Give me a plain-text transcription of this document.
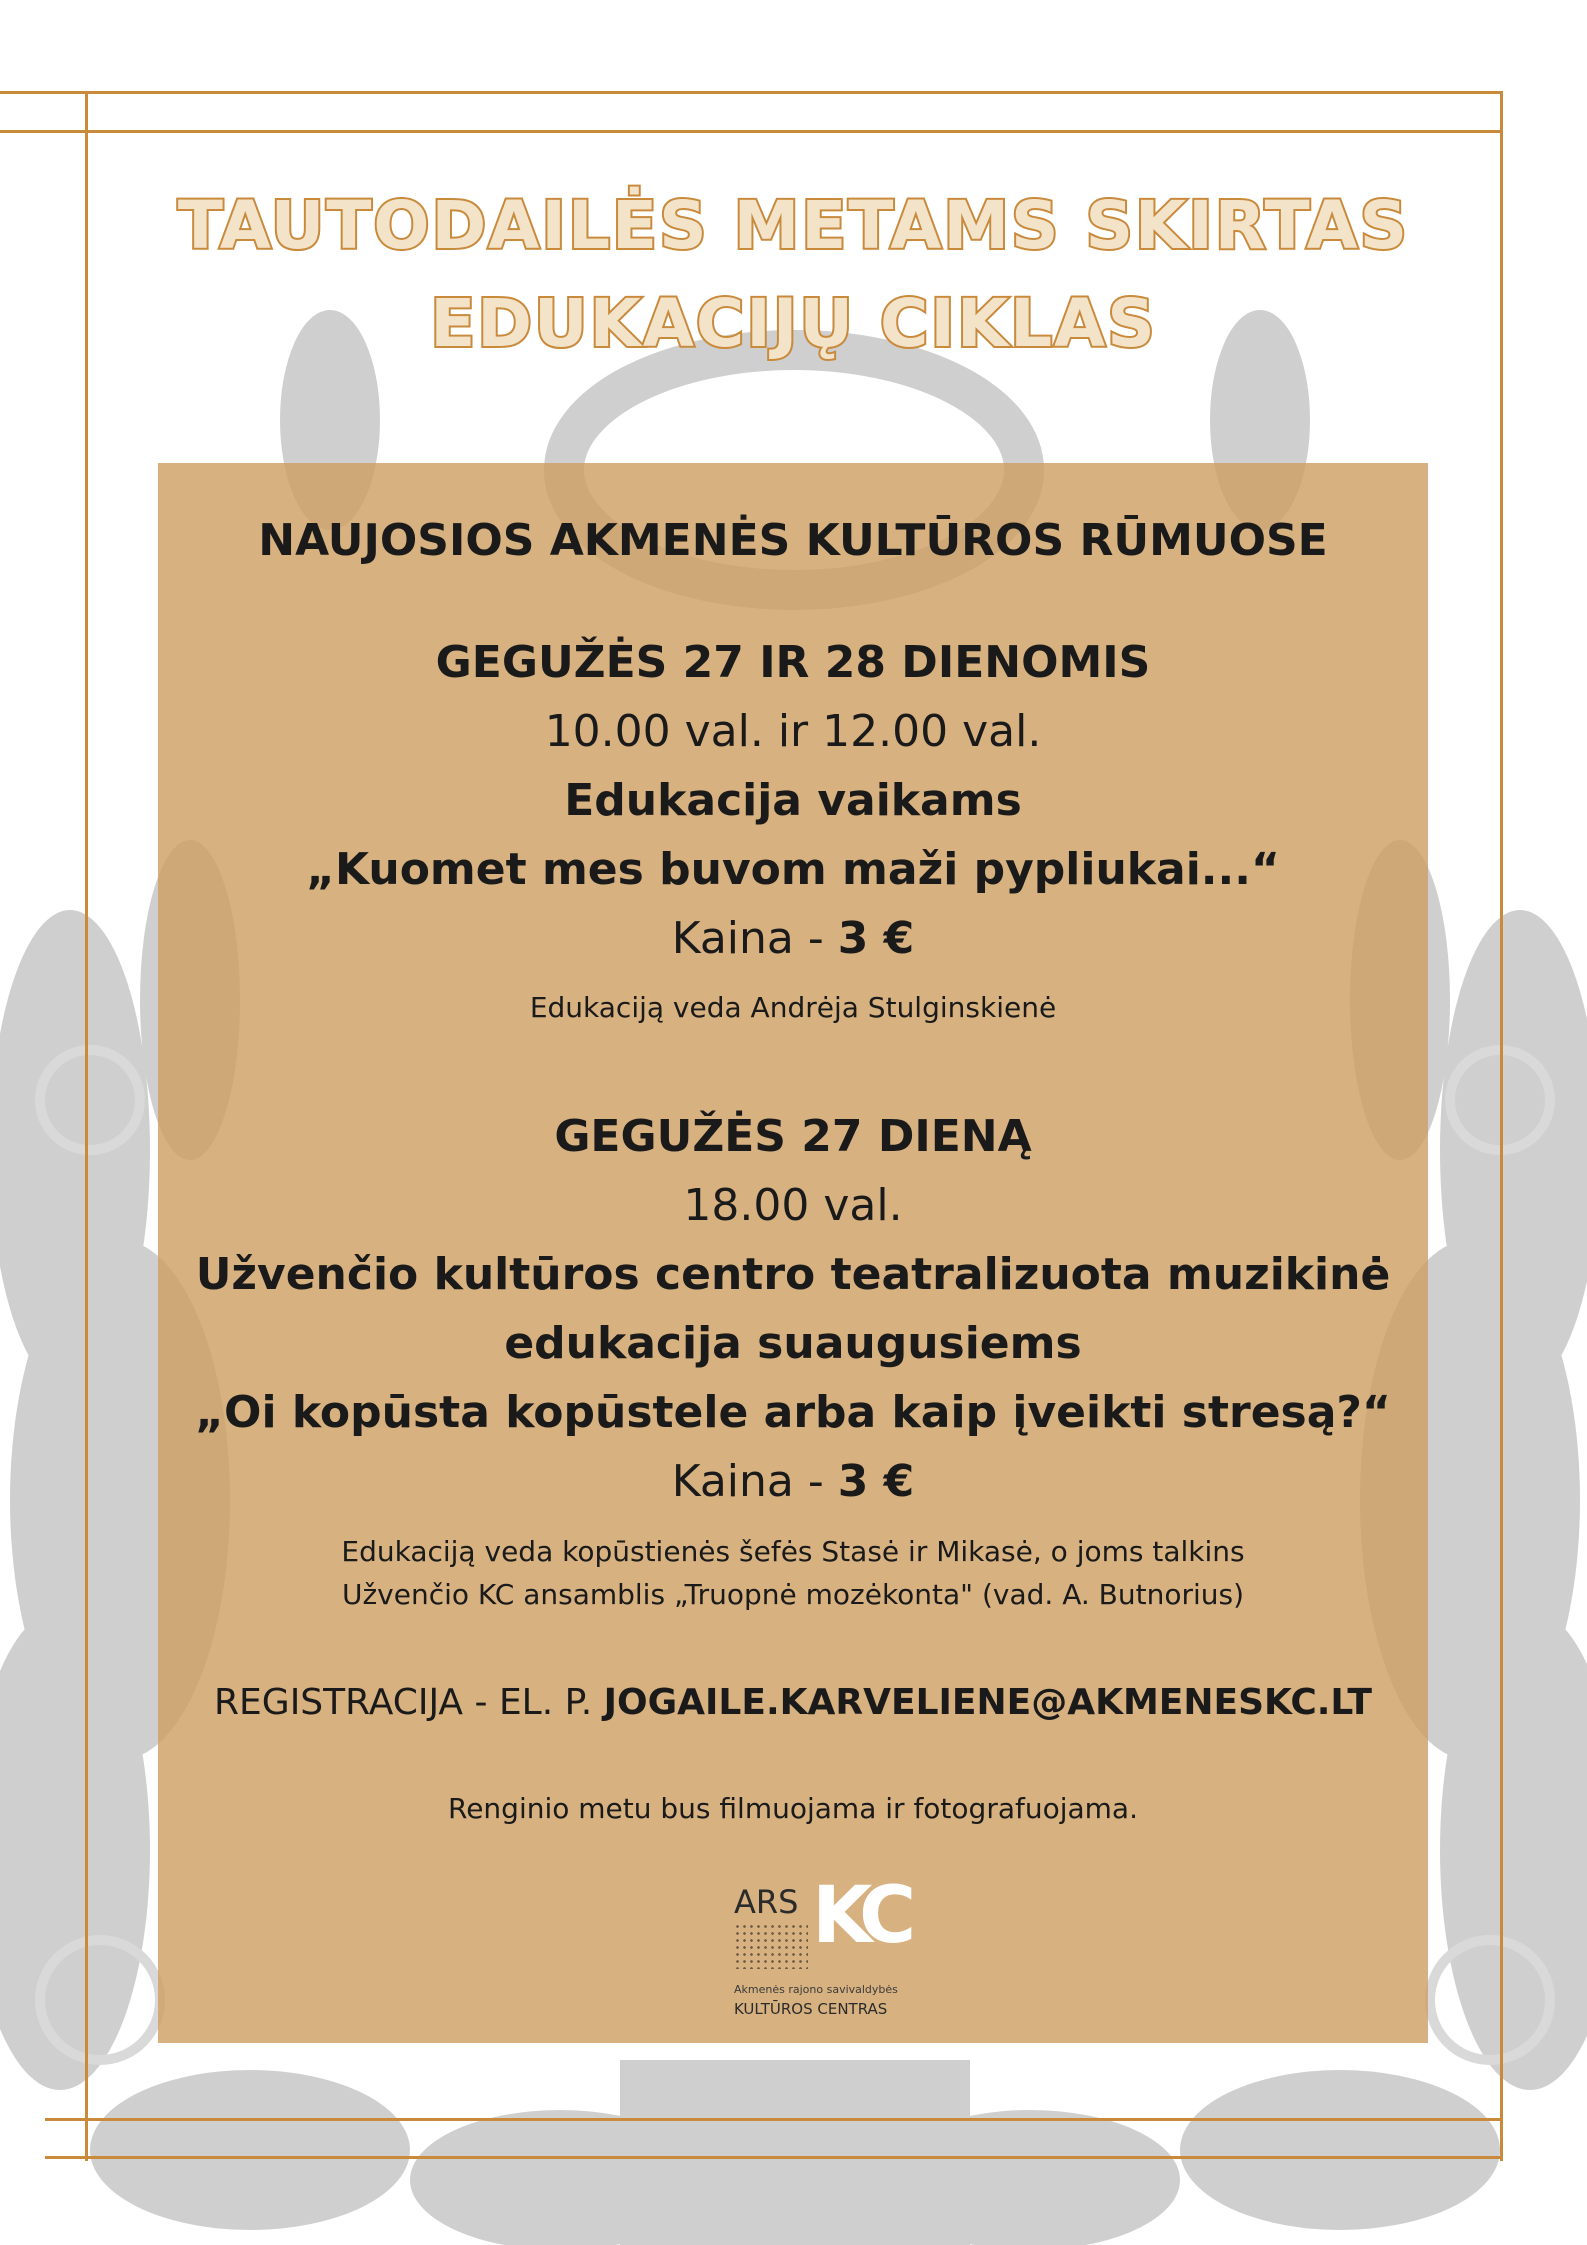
TAUTODAILĖS METAMS SKIRTAS
EDUKACIJŲ CIKLAS
NAUJOSIOS AKMENĖS KULTŪROS RŪMUOSE
GEGUŽĖS 27 IR 28 DIENOMIS
10.00 val. ir 12.00 val.
Edukacija vaikams
„Kuomet mes buvom maži pypliukai...“
Kaina - 3 €
Edukaciją veda Andrėja Stulginskienė
GEGUŽĖS 27 DIENĄ
18.00 val.
Užvenčio kultūros centro teatralizuota muzikinė
edukacija suaugusiems
„Oi kopūsta kopūstele arba kaip įveikti stresą?“
Kaina - 3 €
Edukaciją veda kopūstienės šefės Stasė ir Mikasė, o joms talkins
Užvenčio KC ansamblis „Truopnė mozėkonta" (vad. A. Butnorius)
REGISTRACIJA - EL. P. JOGAILE.KARVELIENE@AKMENESKC.LT
Renginio metu bus filmuojama ir fotografuojama.
ARS KC
Akmenės rajono savivaldybės
KULTŪROS CENTRAS
